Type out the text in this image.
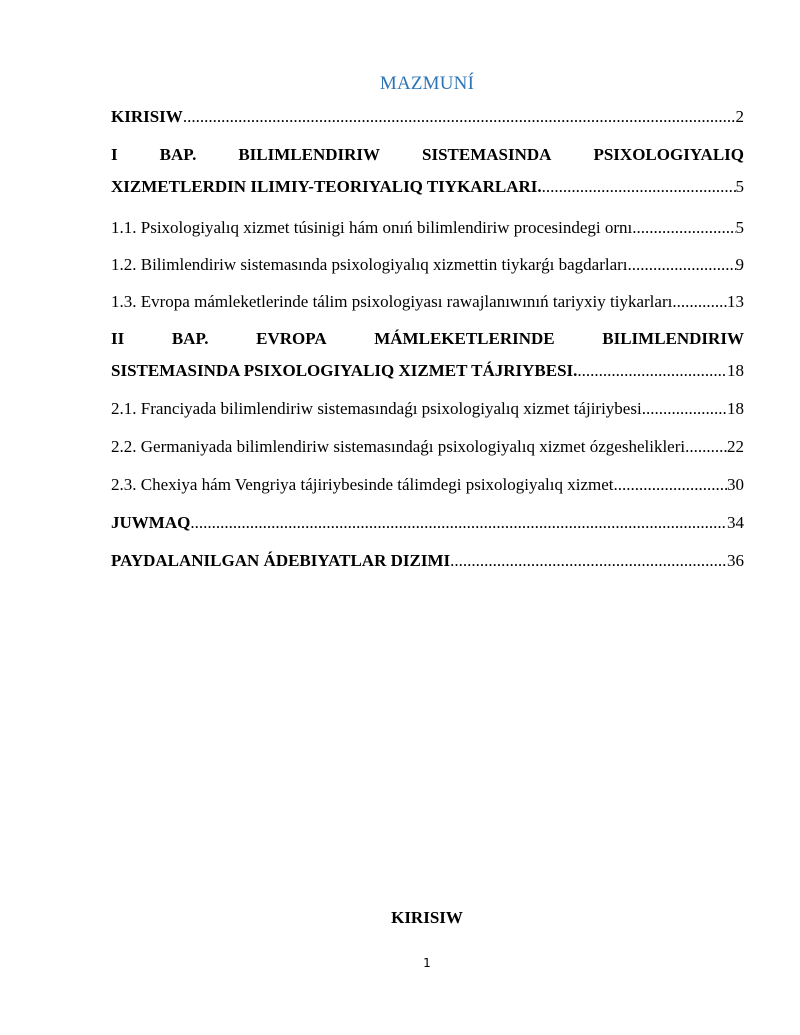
MAZMUNÍ
KIRISIW .....	2
I BAP. BILIMLENDIRIW SISTEMASINDA PSIXOLOGIYALIQ
XIZMETLERDIN ILIMIY-TEORIYALIQ TIYKARLARI. .....	5
1.1. Psixologiyalıq xizmet túsinigi hám onıń bilimlendiriw procesindegi ornı .....	5
1.2. Bilimlendiriw sistemasında psixologiyalıq xizmettin tiykarǵı bagdarları .....	9
1.3. Evropa mámleketlerinde tálim psixologiyası rawajlanıwınıń tariyxiy tiykarları. .....	13
II	BAP.	EVROPA	MÁMLEKETLERINDE	BILIMLENDIRIW
SISTEMASINDA PSIXOLOGIYALIQ XIZMET TÁJRIYBESI. .....	18
2.1. Franciyada bilimlendiriw sistemasındaǵı psixologiyalıq xizmet tájiriybesi .....	18
2.2. Germaniyada bilimlendiriw sistemasındaǵı psixologiyalıq xizmet ózgeshelikleri. ..... 22
2.3. Chexiya hám Vengriya tájiriybesinde tálimdegi psixologiyalıq xizmet .....	30
JUWMAQ .....	34
PAYDALANILGAN ÁDEBIYATLAR DIZIMI .....	36
KIRISIW
1
